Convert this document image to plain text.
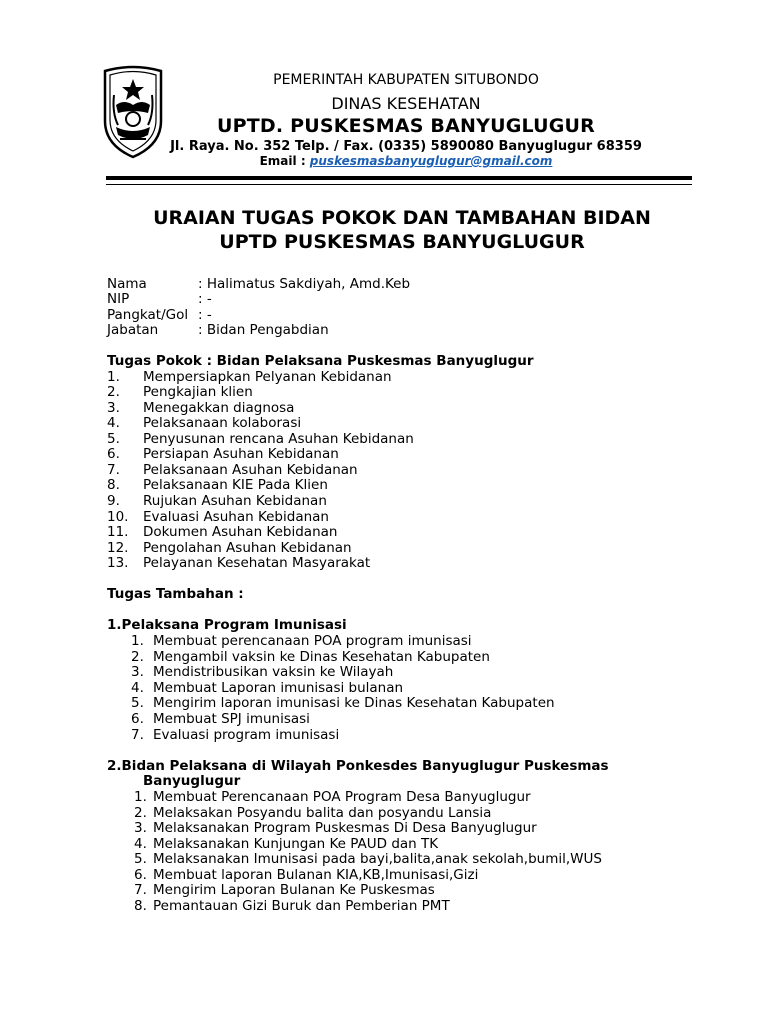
PEMERINTAH KABUPATEN SITUBONDO
DINAS KESEHATAN
UPTD. PUSKESMAS BANYUGLUGUR
Jl. Raya. No. 352 Telp. / Fax. (0335) 5890080 Banyuglugur 68359
Email : puskesmasbanyuglugur@gmail.com
URAIAN TUGAS POKOK DAN TAMBAHAN BIDAN
UPTD PUSKESMAS BANYUGLUGUR
Nama	: Halimatus Sakdiyah, Amd.Keb
NIP	: -
Pangkat/Gol : -
Jabatan	: Bidan Pengabdian
Tugas Pokok : Bidan Pelaksana Puskesmas Banyuglugur
1. Mempersiapkan Pelyanan Kebidanan
2. Pengkajian klien
3. Menegakkan diagnosa
4. Pelaksanaan kolaborasi
5. Penyusunan rencana Asuhan Kebidanan
6. Persiapan Asuhan Kebidanan
7. Pelaksanaan Asuhan Kebidanan
8. Pelaksanaan KIE Pada Klien
9. Rujukan Asuhan Kebidanan
10. Evaluasi Asuhan Kebidanan
11. Dokumen Asuhan Kebidanan
12. Pengolahan Asuhan Kebidanan
13. Pelayanan Kesehatan Masyarakat
Tugas Tambahan :
1.Pelaksana Program Imunisasi
1. Membuat perencanaan POA program imunisasi
2. Mengambil vaksin ke Dinas Kesehatan Kabupaten
3. Mendistribusikan vaksin ke Wilayah
4. Membuat Laporan imunisasi bulanan
5. Mengirim laporan imunisasi ke Dinas Kesehatan Kabupaten
6. Membuat SPJ imunisasi
7. Evaluasi program imunisasi
2.Bidan Pelaksana di Wilayah Ponkesdes Banyuglugur Puskesmas
Banyuglugur
1. Membuat Perencanaan POA Program Desa Banyuglugur
2. Melaksakan Posyandu balita dan posyandu Lansia
3. Melaksanakan Program Puskesmas Di Desa Banyuglugur
4. Melaksanakan Kunjungan Ke PAUD dan TK
5. Melaksanakan Imunisasi pada bayi,balita,anak sekolah,bumil,WUS
6. Membuat laporan Bulanan KIA,KB,Imunisasi,Gizi
7. Mengirim Laporan Bulanan Ke Puskesmas
8. Pemantauan Gizi Buruk dan Pemberian PMT
